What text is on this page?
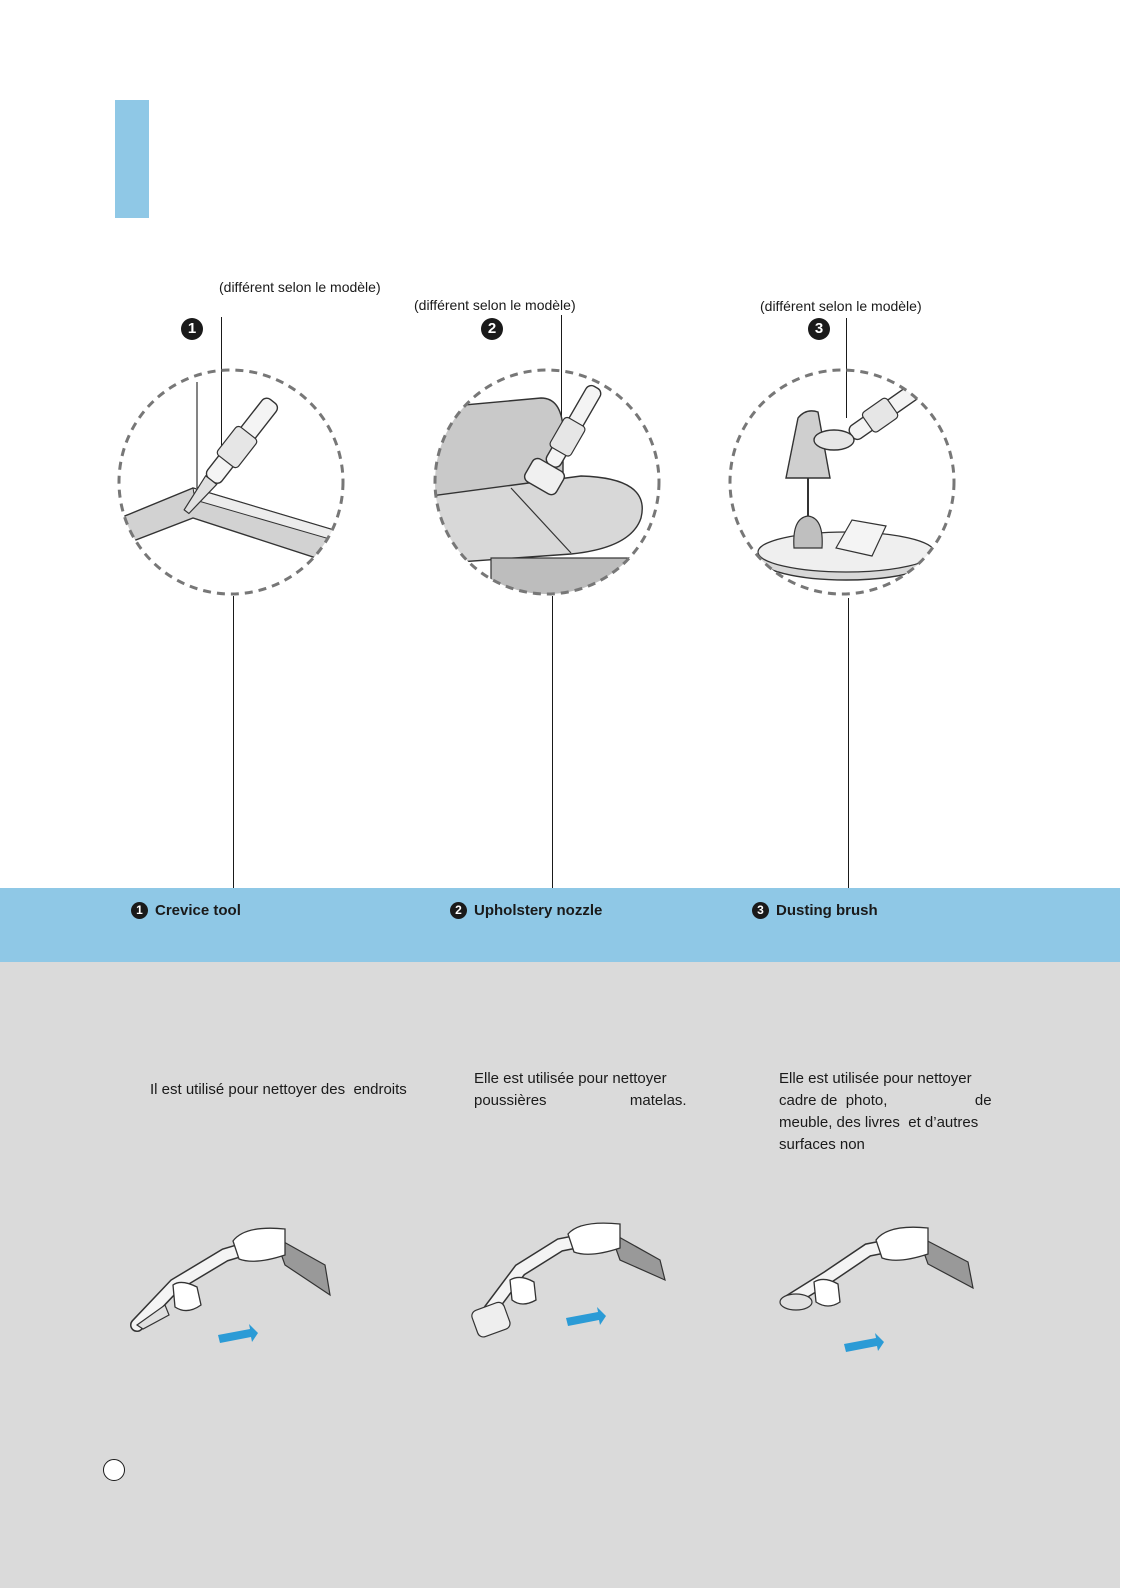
(différent selon le modèle)
(différent selon le modèle)	(différent selon le modèle)
1	2	3
1 Crevice tool	2 Upholstery nozzle	3 Dusting brush
Il est utilisé pour nettoyer des  endroits
Elle est utilisée pour nettoyer
poussières                    matelas.
Elle est utilisée pour nettoyer
cadre de  photo,                     de
meuble, des livres  et d’autres
surfaces non
